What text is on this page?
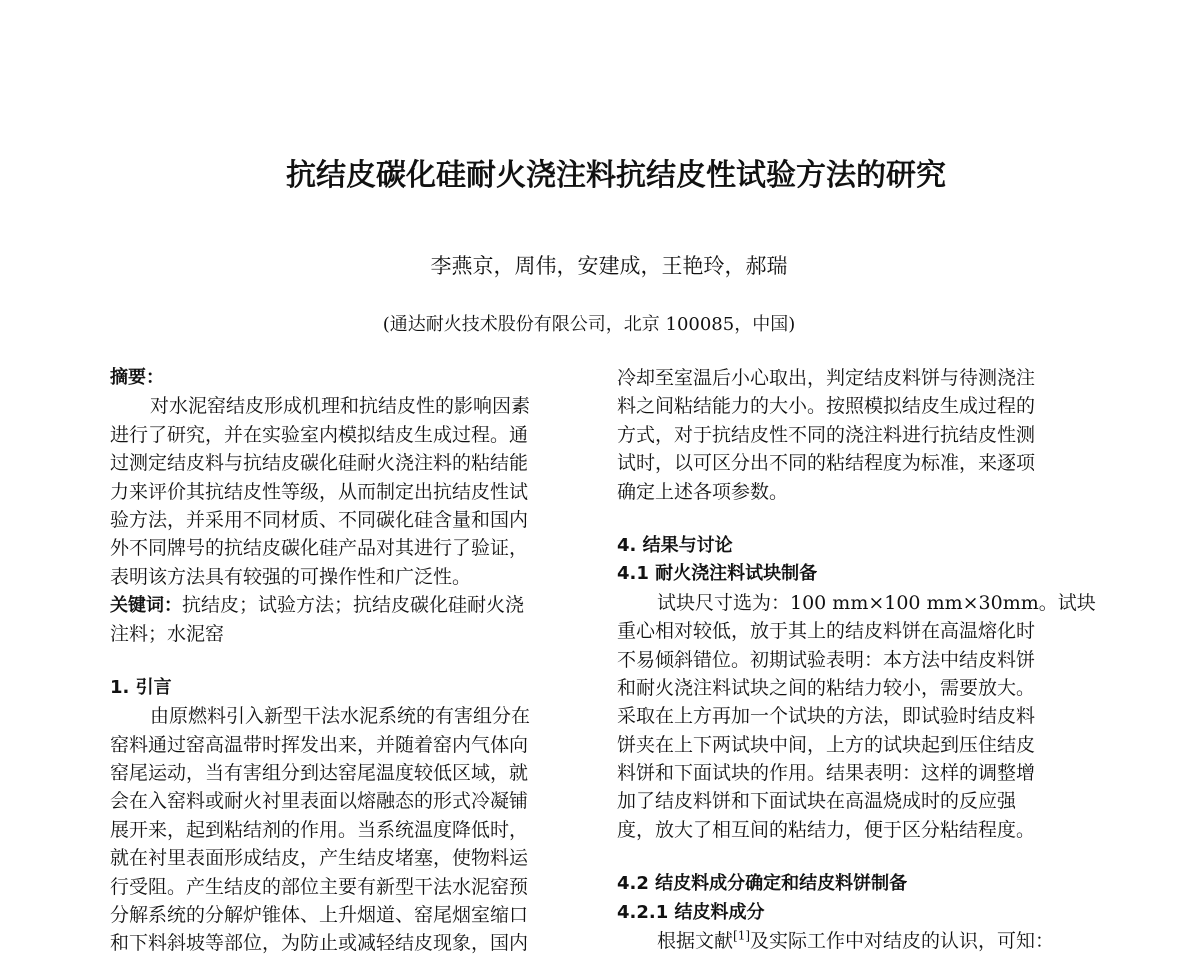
抗结皮碳化硅耐火浇注料抗结皮性试验方法的研究

李燕京，周伟，安建成，王艳玲，郝瑞

(通达耐火技术股份有限公司，北京 100085，中国)

摘要：
对水泥窑结皮形成机理和抗结皮性的影响因素
进行了研究，并在实验室内模拟结皮生成过程。通
过测定结皮料与抗结皮碳化硅耐火浇注料的粘结能
力来评价其抗结皮性等级，从而制定出抗结皮性试
验方法，并采用不同材质、不同碳化硅含量和国内
外不同牌号的抗结皮碳化硅产品对其进行了验证，
表明该方法具有较强的可操作性和广泛性。
关键词：抗结皮；试验方法；抗结皮碳化硅耐火浇
注料；水泥窑
1. 引言
由原燃料引入新型干法水泥系统的有害组分在
窑料通过窑高温带时挥发出来，并随着窑内气体向
窑尾运动，当有害组分到达窑尾温度较低区域，就
会在入窑料或耐火衬里表面以熔融态的形式冷凝铺
展开来，起到粘结剂的作用。当系统温度降低时，
就在衬里表面形成结皮，产生结皮堵塞，使物料运
行受阻。产生结皮的部位主要有新型干法水泥窑预
分解系统的分解炉锥体、上升烟道、窑尾烟室缩口
和下料斜坡等部位，为防止或减轻结皮现象，国内
冷却至室温后小心取出，判定结皮料饼与待测浇注
料之间粘结能力的大小。按照模拟结皮生成过程的
方式，对于抗结皮性不同的浇注料进行抗结皮性测
试时，以可区分出不同的粘结程度为标准，来逐项
确定上述各项参数。
4. 结果与讨论
4.1 耐火浇注料试块制备
试块尺寸选为：100 mm×100 mm×30mm。试块
重心相对较低，放于其上的结皮料饼在高温熔化时
不易倾斜错位。初期试验表明：本方法中结皮料饼
和耐火浇注料试块之间的粘结力较小，需要放大。
采取在上方再加一个试块的方法，即试验时结皮料
饼夹在上下两试块中间，上方的试块起到压住结皮
料饼和下面试块的作用。结果表明：这样的调整增
加了结皮料饼和下面试块在高温烧成时的反应强
度，放大了相互间的粘结力，便于区分粘结程度。
4.2 结皮料成分确定和结皮料饼制备
4.2.1 结皮料成分
根据文献[1]及实际工作中对结皮的认识，可知：
